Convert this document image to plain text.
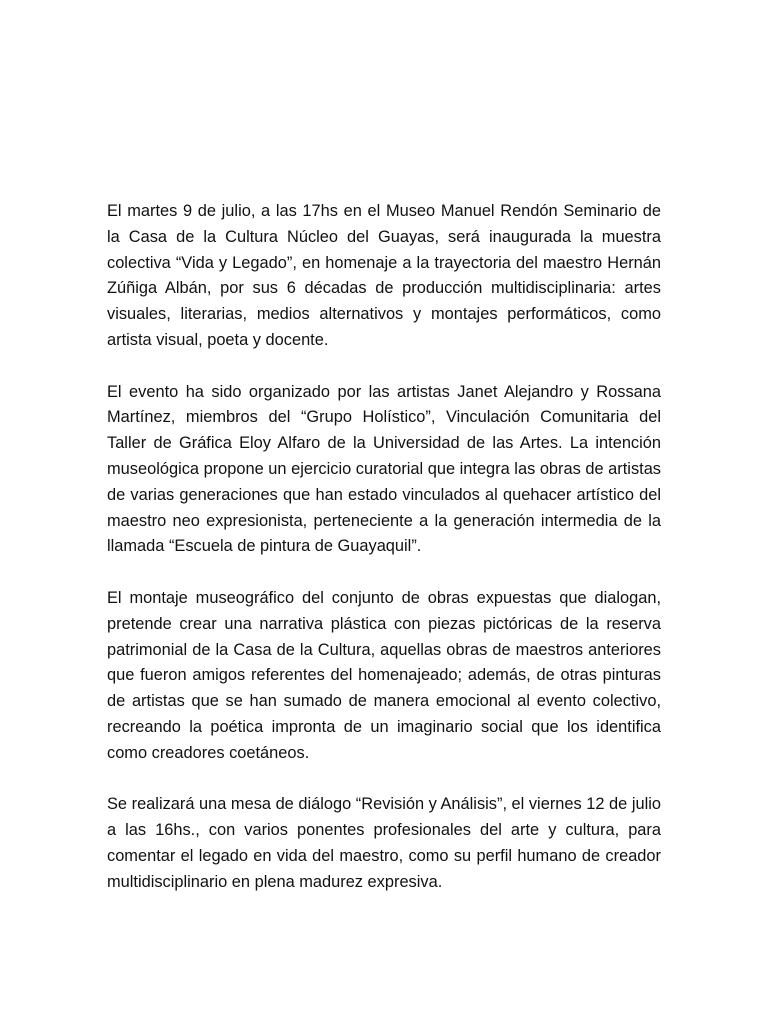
El martes 9 de julio, a las 17hs en el Museo Manuel Rendón Seminario de la Casa de la Cultura Núcleo del Guayas, será inaugurada la muestra colectiva “Vida y Legado”, en homenaje a la trayectoria del maestro Hernán Zúñiga Albán, por sus 6 décadas de producción multidisciplinaria: artes visuales, literarias, medios alternativos y montajes performáticos, como artista visual, poeta y docente.

El evento ha sido organizado por las artistas Janet Alejandro y Rossana Martínez, miembros del “Grupo Holístico”, Vinculación Comunitaria del Taller de Gráfica Eloy Alfaro de la Universidad de las Artes. La intención museológica propone un ejercicio curatorial que integra las obras de artistas de varias generaciones que han estado vinculados al quehacer artístico del maestro neo expresionista, perteneciente a la generación intermedia de la llamada “Escuela de pintura de Guayaquil”.

El montaje museográfico del conjunto de obras expuestas que dialogan, pretende crear una narrativa plástica con piezas pictóricas de la reserva patrimonial de la Casa de la Cultura, aquellas obras de maestros anteriores que fueron amigos referentes del homenajeado; además, de otras pinturas de artistas que se han sumado de manera emocional al evento colectivo, recreando la poética impronta de un imaginario social que los identifica como creadores coetáneos.

Se realizará una mesa de diálogo “Revisión y Análisis”, el viernes 12 de julio a las 16hs., con varios ponentes profesionales del arte y cultura, para comentar el legado en vida del maestro, como su perfil humano de creador multidisciplinario en plena madurez expresiva.
